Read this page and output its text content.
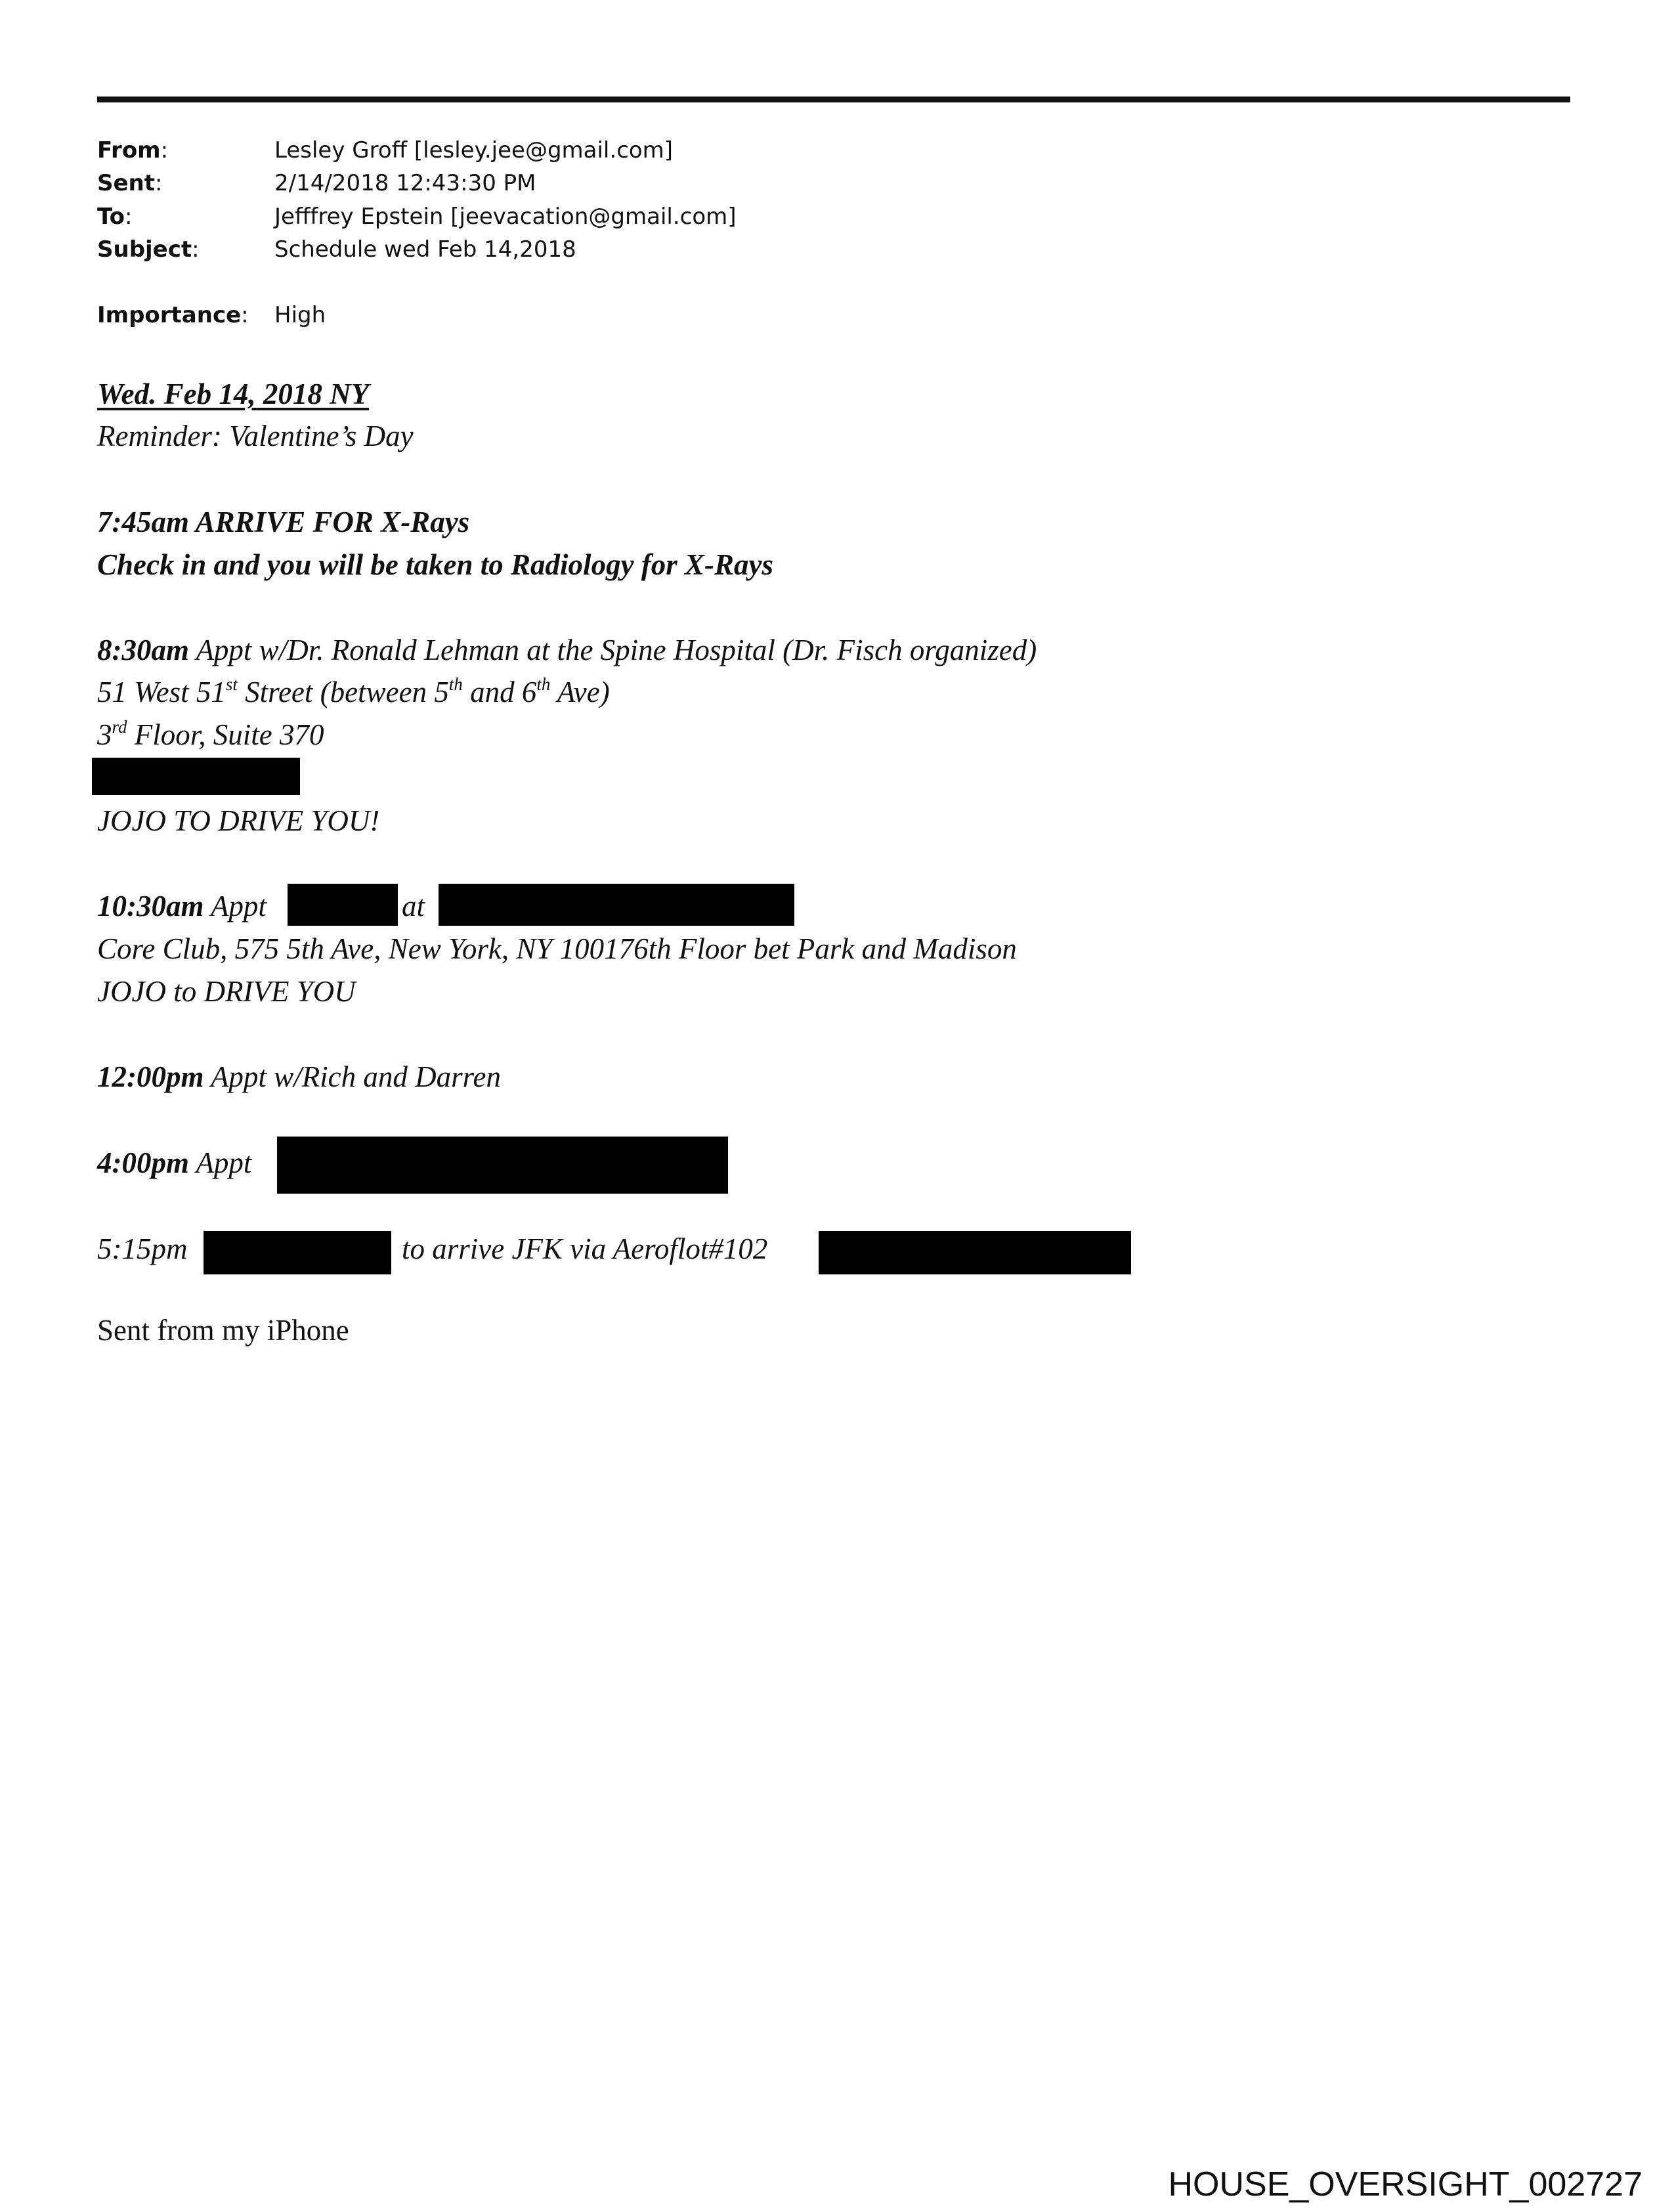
From:	Lesley Groff [lesley.jee@gmail.com]
Sent:	2/14/2018 12:43:30 PM
To:	Jefffrey Epstein [jeevacation@gmail.com]
Subject:	Schedule wed Feb 14,2018
Importance: High
Wed. Feb 14, 2018 NY
Reminder: Valentine’s Day
7:45am ARRIVE FOR X-Rays
Check in and you will be taken to Radiology for X-Rays
8:30am Appt w/Dr. Ronald Lehman at the Spine Hospital (Dr. Fisch organized)
51 West 51st Street (between 5th and 6th Ave)
3rd Floor, Suite 370
JOJO TO DRIVE YOU!
10:30am Appt	at
Core Club, 575 5th Ave, New York, NY 100176th Floor bet Park and Madison
JOJO to DRIVE YOU
12:00pm Appt w/Rich and Darren
4:00pm Appt
5:15pm	to arrive JFK via Aeroflot#102
Sent from my iPhone
HOUSE_OVERSIGHT_002727
